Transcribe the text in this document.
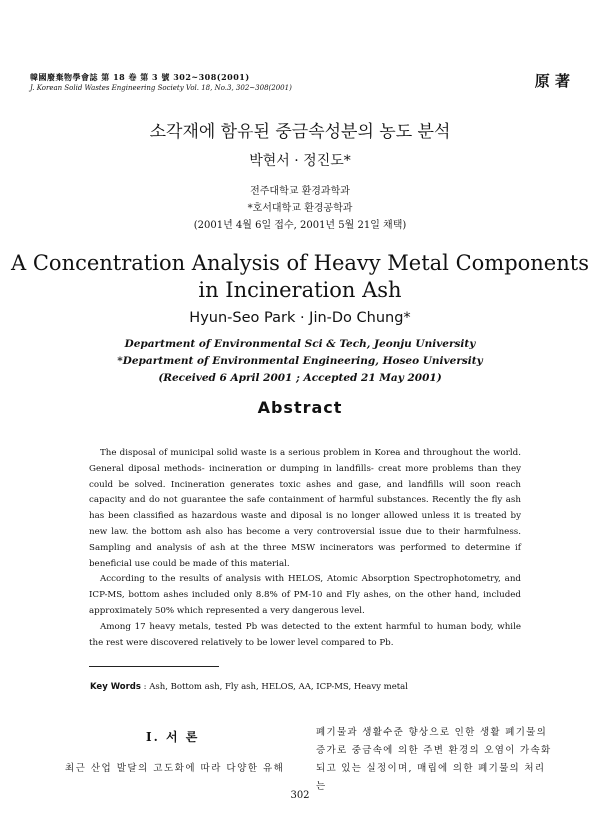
韓國廢棄物學會誌 第 18 卷 第 3 號 302~308(2001)
J. Korean Solid Wastes Engineering Society Vol. 18, No.3, 302~308(2001)	原 著
소각재에 함유된 중금속성분의 농도 분석
박현서 · 정진도*
전주대학교 환경과학과
*호서대학교 환경공학과
(2001년 4월 6일 접수, 2001년 5월 21일 채택)
A Concentration Analysis of Heavy Metal Components
in Incineration Ash
Hyun-Seo Park · Jin-Do Chung*
Department of Environmental Sci & Tech, Jeonju University
*Department of Environmental Engineering, Hoseo University
(Received 6 April 2001 ; Accepted 21 May 2001)
Abstract

The disposal of municipal solid waste is a serious problem in Korea and throughout the world. General diposal methods- incineration or dumping in landfills- creat more problems than they could be solved. Incineration generates toxic ashes and gase, and landfills will soon reach capacity and do not guarantee the safe containment of harmful substances. Recently the fly ash has been classified as hazardous waste and diposal is no longer allowed unless it is treated by new law. the bottom ash also has become a very controversial issue due to their harmfulness. Sampling and analysis of ash at the three MSW incinerators was performed to determine if beneficial use could be made of this material.

According to the results of analysis with HELOS, Atomic Absorption Spectrophotometry, and ICP-MS, bottom ashes included only 8.8% of PM-10 and Fly ashes, on the other hand, included approximately 50% which represented a very dangerous level.

Among 17 heavy metals, tested Pb was detected to the extent harmful to human body, while the rest were discovered relatively to be lower level compared to Pb.

Key Words : Ash, Bottom ash, Fly ash, HELOS, AA, ICP-MS, Heavy metal
Ⅰ. 서 론
최근 산업 발달의 고도화에 따라 다양한 유해
폐기물과 생활수준 향상으로 인한 생활 폐기물의
증가로 중금속에 의한 주변 환경의 오염이 가속화
되고 있는 실정이며, 매립에 의한 폐기물의 처리는
302
